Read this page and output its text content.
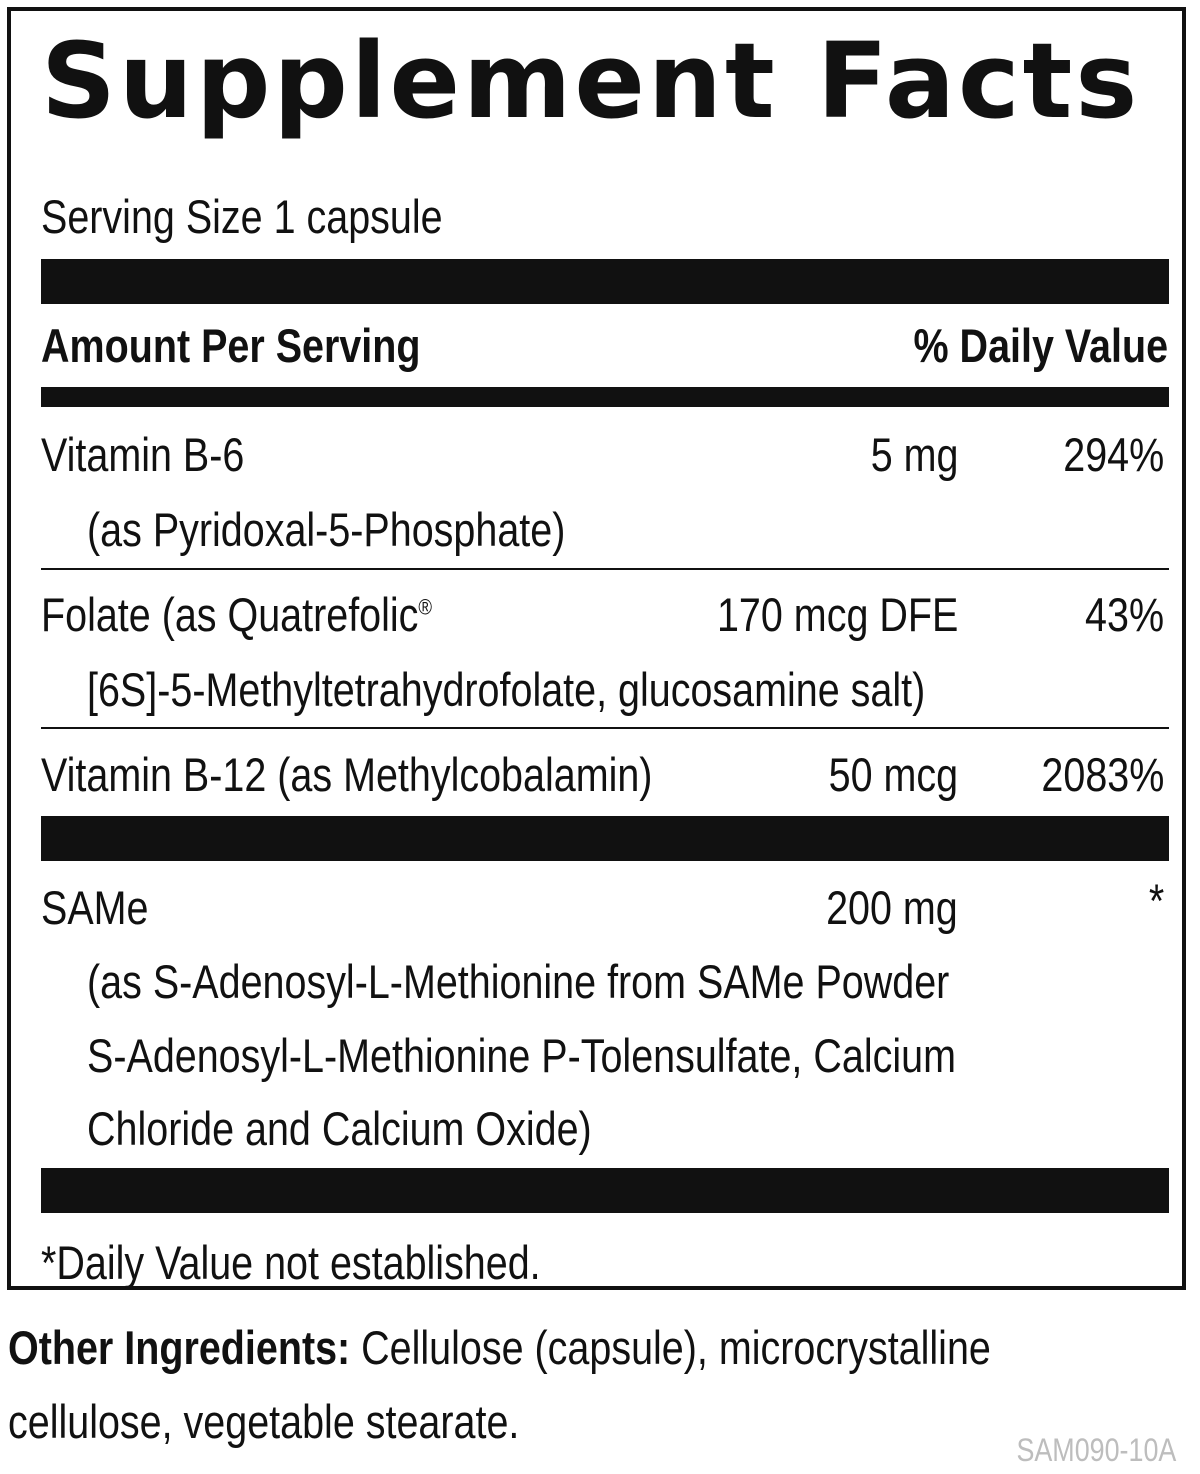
Supplement Facts
Serving Size 1 capsule
Amount Per Serving	% Daily Value
Vitamin B-6	5 mg 294%
(as Pyridoxal-5-Phosphate)
Folate (as Quatrefolic®	170 mcg DFE	43%
[6S]-5-Methyltetrahydrofolate, glucosamine salt)
Vitamin B-12 (as Methylcobalamin)	50 mcg 2083%
SAMe	200 mg	*
(as S-Adenosyl-L-Methionine from SAMe Powder
S-Adenosyl-L-Methionine P-Tolensulfate, Calcium
Chloride and Calcium Oxide)
*Daily Value not established.
Other Ingredients: Cellulose (capsule), microcrystalline
cellulose, vegetable stearate.
SAM090-10A
